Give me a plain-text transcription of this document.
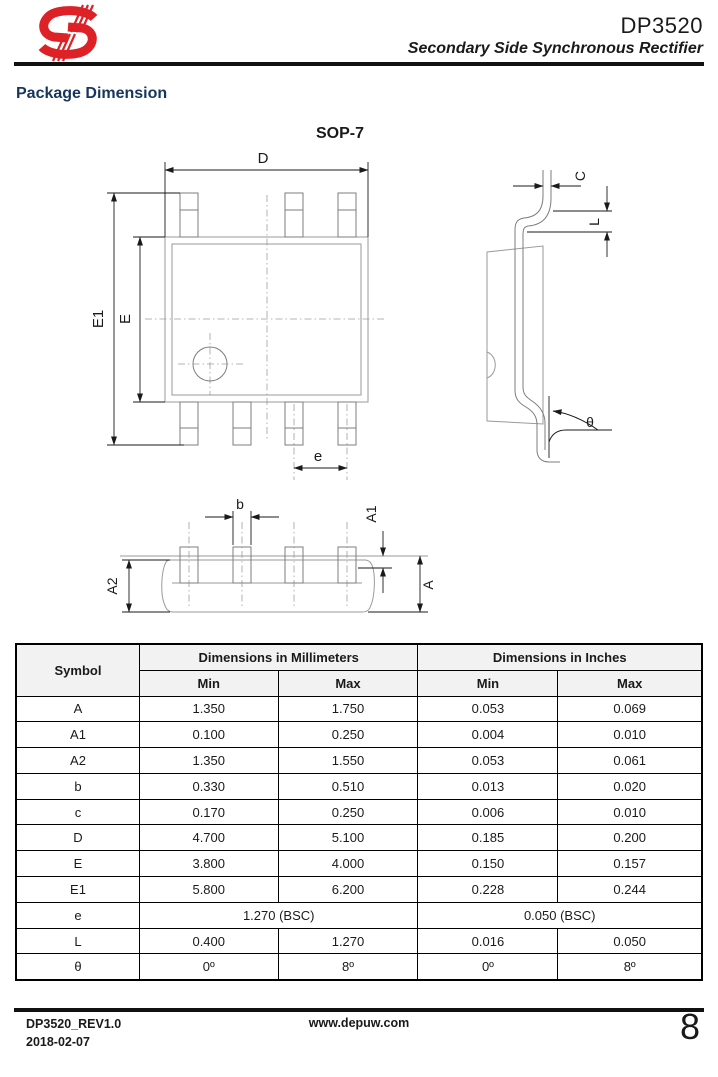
DP3520
Secondary Side Synchronous Rectifier
Package Dimension
SOP-7
D
E1 E
e
C
L
θ
b
A1
A
A2
Symbol	Dimensions in Millimeters		Dimensions in Inches	
	Min	Max	Min	Max
A	1.350	1.750	0.053	0.069
A1	0.100	0.250	0.004	0.010
A2	1.350	1.550	0.053	0.061
b	0.330	0.510	0.013	0.020
c	0.170	0.250	0.006	0.010
D	4.700	5.100	0.185	0.200
E	3.800	4.000	0.150	0.157
E1	5.800	6.200	0.228	0.244
e	1.270 (BSC)		0.050 (BSC)	
L	0.400	1.270	0.016	0.050
θ	0º	8º	0º	8º
DP3520_REV1.0
2018-02-07
www.depuw.com	8
